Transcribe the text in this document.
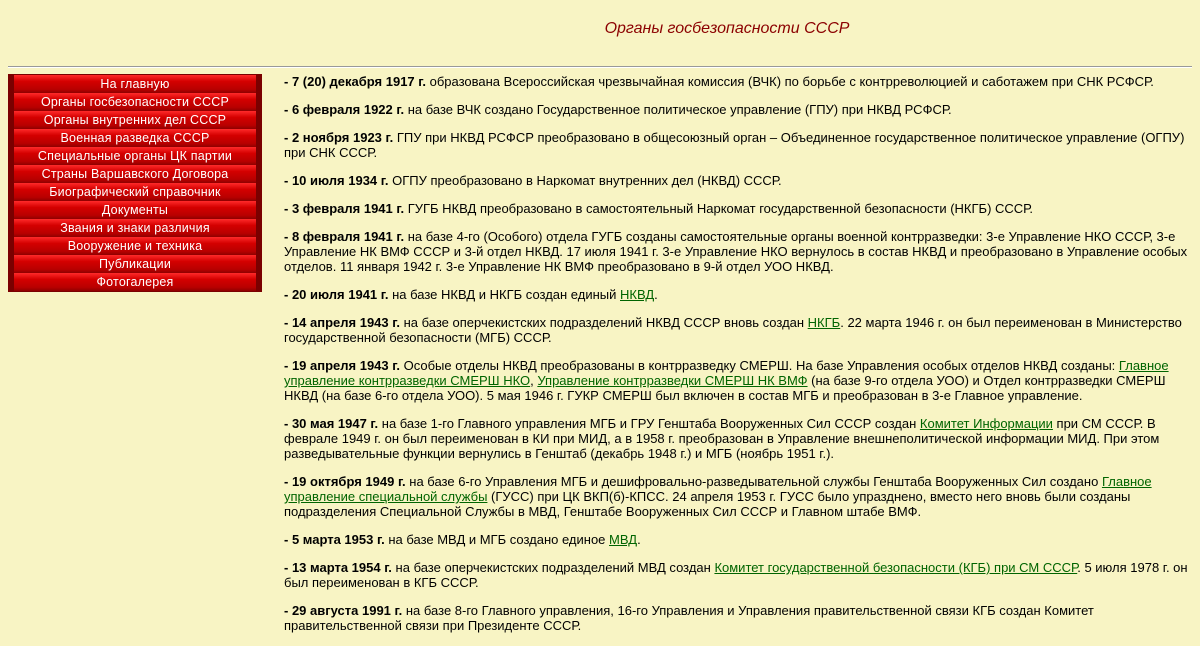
Органы госбезопасности СССР
На главную
Органы госбезопасности СССР
Органы внутренних дел СССР
Военная разведка СССР
Специальные органы ЦК партии
Страны Варшавского Договора
Биографический справочник
Документы
Звания и знаки различия
Вооружение и техника
Публикации
Фотогалерея

- 7 (20) декабря 1917 г. образована Всероссийская чрезвычайная комиссия (ВЧК) по борьбе с контрреволюцией и саботажем при СНК РСФСР.

- 6 февраля 1922 г. на базе ВЧК создано Государственное политическое управление (ГПУ) при НКВД РСФСР.

- 2 ноября 1923 г. ГПУ при НКВД РСФСР преобразовано в общесоюзный орган – Объединенное государственное политическое управление (ОГПУ) при СНК СССР.

- 10 июля 1934 г. ОГПУ преобразовано в Наркомат внутренних дел (НКВД) СССР.

- 3 февраля 1941 г. ГУГБ НКВД преобразовано в самостоятельный Наркомат государственной безопасности (НКГБ) СССР.

- 8 февраля 1941 г. на базе 4-го (Особого) отдела ГУГБ созданы самостоятельные органы военной контрразведки: 3-е Управление НКО СССР, 3-е Управление НК ВМФ СССР и 3-й отдел НКВД. 17 июля 1941 г. 3-е Управление НКО вернулось в состав НКВД и преобразовано в Управление особых отделов. 11 января 1942 г. 3-е Управление НК ВМФ преобразовано в 9-й отдел УОО НКВД.

- 20 июля 1941 г. на базе НКВД и НКГБ создан единый НКВД.

- 14 апреля 1943 г. на базе оперчекистских подразделений НКВД СССР вновь создан НКГБ. 22 марта 1946 г. он был переименован в Министерство государственной безопасности (МГБ) СССР.

- 19 апреля 1943 г. Особые отделы НКВД преобразованы в контрразведку СМЕРШ. На базе Управления особых отделов НКВД созданы: Главное управление контрразведки СМЕРШ НКО, Управление контрразведки СМЕРШ НК ВМФ (на базе 9-го отдела УОО) и Отдел контрразведки СМЕРШ НКВД (на базе 6-го отдела УОО). 5 мая 1946 г. ГУКР СМЕРШ был включен в состав МГБ и преобразован в 3-е Главное управление.

- 30 мая 1947 г. на базе 1-го Главного управления МГБ и ГРУ Генштаба Вооруженных Сил СССР создан Комитет Информации при СМ СССР. В феврале 1949 г. он был переименован в КИ при МИД, а в 1958 г. преобразован в Управление внешнеполитической информации МИД. При этом разведывательные функции вернулись в Генштаб (декабрь 1948 г.) и МГБ (ноябрь 1951 г.).

- 19 октября 1949 г. на базе 6-го Управления МГБ и дешифровально-разведывательной службы Генштаба Вооруженных Сил создано Главное управление специальной службы (ГУСС) при ЦК ВКП(б)-КПСС. 24 апреля 1953 г. ГУСС было упразднено, вместо него вновь были созданы подразделения Специальной Службы в МВД, Генштабе Вооруженных Сил СССР и Главном штабе ВМФ.

- 5 марта 1953 г. на базе МВД и МГБ создано единое МВД.

- 13 марта 1954 г. на базе оперчекистских подразделений МВД создан Комитет государственной безопасности (КГБ) при СМ СССР. 5 июля 1978 г. он был переименован в КГБ СССР.

- 29 августа 1991 г. на базе 8-го Главного управления, 16-го Управления и Управления правительственной связи КГБ создан Комитет правительственной связи при Президенте СССР.
